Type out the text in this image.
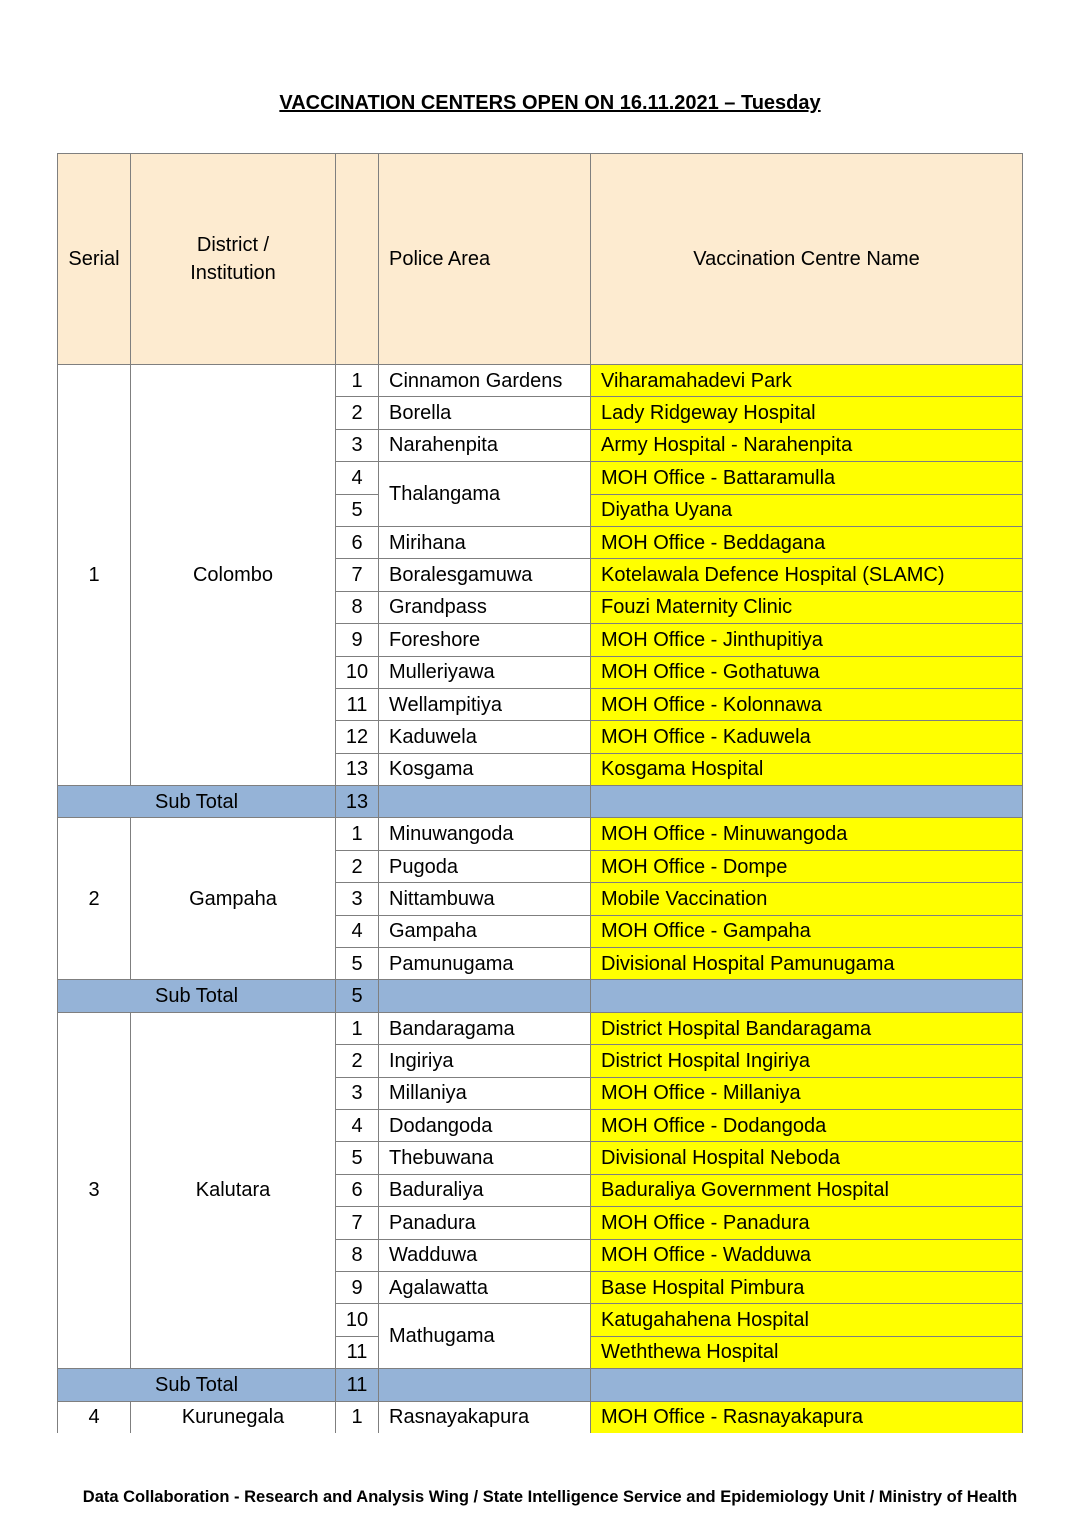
VACCINATION CENTERS OPEN ON 16.11.2021 – Tuesday
Serial	District / Institution		Police Area	Vaccination Centre Name
1	Colombo	1	Cinnamon Gardens	Viharamahadevi Park
		2	Borella	Lady Ridgeway Hospital
		3	Narahenpita	Army Hospital - Narahenpita
		4	Thalangama	MOH Office - Battaramulla
		5		Diyatha Uyana
		6	Mirihana	MOH Office - Beddagana
		7	Boralesgamuwa	Kotelawala Defence Hospital (SLAMC)
		8	Grandpass	Fouzi Maternity Clinic
		9	Foreshore	MOH Office - Jinthupitiya
		10	Mulleriyawa	MOH Office - Gothatuwa
		11	Wellampitiya	MOH Office - Kolonnawa
		12	Kaduwela	MOH Office - Kaduwela
		13	Kosgama	Kosgama Hospital
Sub Total		13		
2	Gampaha	1	Minuwangoda	MOH Office - Minuwangoda
		2	Pugoda	MOH Office - Dompe
		3	Nittambuwa	Mobile Vaccination
		4	Gampaha	MOH Office - Gampaha
		5	Pamunugama	Divisional Hospital Pamunugama
Sub Total		5		
3	Kalutara	1	Bandaragama	District Hospital Bandaragama
		2	Ingiriya	District Hospital Ingiriya
		3	Millaniya	MOH Office - Millaniya
		4	Dodangoda	MOH Office - Dodangoda
		5	Thebuwana	Divisional Hospital Neboda
		6	Baduraliya	Baduraliya Government Hospital
		7	Panadura	MOH Office - Panadura
		8	Wadduwa	MOH Office - Wadduwa
		9	Agalawatta	Base Hospital Pimbura
		10	Mathugama	Katugahahena Hospital
		11		Weththewa Hospital
Sub Total		11		
4	Kurunegala	1	Rasnayakapura	MOH Office - Rasnayakapura
Data Collaboration - Research and Analysis Wing / State Intelligence Service and Epidemiology Unit / Ministry of Health
